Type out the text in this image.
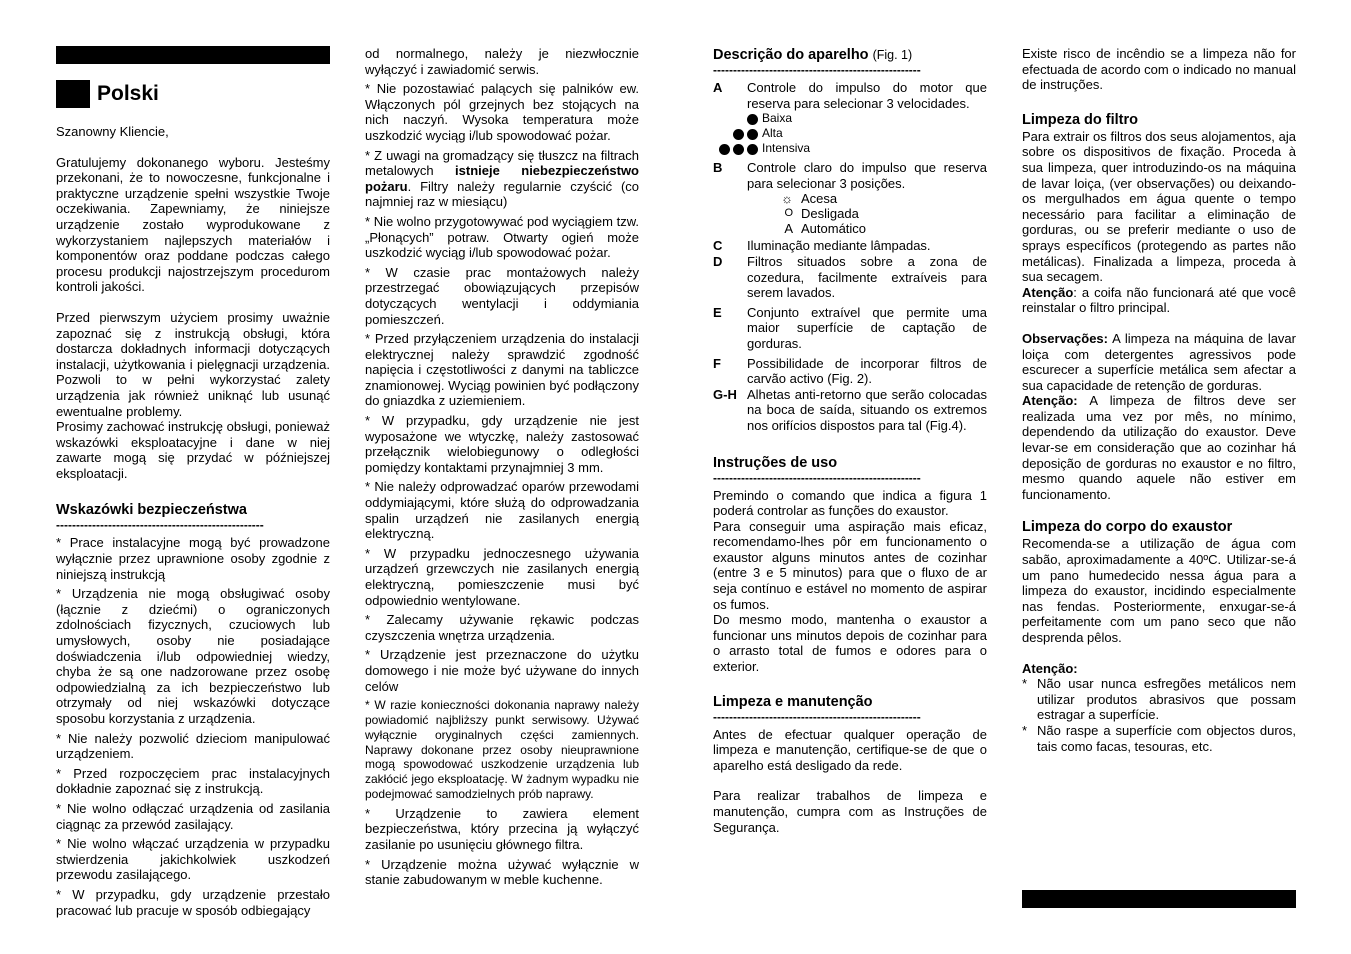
Polski

Szanowny Kliencie,

Gratulujemy dokonanego wyboru. Jesteśmy przekonani, że to nowoczesne, funkcjonalne i praktyczne urządzenie spełni wszystkie Twoje oczekiwania. Zapewniamy, że niniejsze urządzenie zostało wyprodukowane z wykorzystaniem najlepszych materiałów i komponentów oraz poddane podczas całego procesu produkcji najostrzejszym procedurom kontroli jakości.

Przed pierwszym użyciem prosimy uważnie zapoznać się z instrukcją obsługi, która dostarcza dokładnych informacji dotyczących instalacji, użytkowania i pielęgnacji urządzenia. Pozwoli to w pełni wykorzystać zalety urządzenia jak również uniknąć lub usunąć ewentualne problemy.

Prosimy zachować instrukcję obsługi, ponieważ wskazówki eksploatacyjne i dane w niej zawarte mogą się przydać w późniejszej eksploatacji.

Wskazówki bezpieczeństwa
----------------------------------------------------

* Prace instalacyjne mogą być prowadzone wyłącznie przez uprawnione osoby zgodnie z niniejszą instrukcją

* Urządzenia nie mogą obsługiwać osoby (łącznie z dziećmi) o ograniczonych zdolnościach fizycznych, czuciowych lub umysłowych, osoby nie posiadające doświadczenia i/lub odpowiedniej wiedzy, chyba że są one nadzorowane przez osobę odpowiedzialną za ich bezpieczeństwo lub otrzymały od niej wskazówki dotyczące sposobu korzystania z urządzenia.

* Nie należy pozwolić dzieciom manipulować urządzeniem.

* Przed rozpoczęciem prac instalacyjnych dokładnie zapoznać się z instrukcją.

* Nie wolno odłączać urządzenia od zasilania ciągnąc za przewód zasilający.

* Nie wolno włączać urządzenia w przypadku stwierdzenia jakichkolwiek uszkodzeń przewodu zasilającego.

* W przypadku, gdy urządzenie przestało pracować lub pracuje w sposób odbiegający

od normalnego, należy je niezwłocznie wyłączyć i zawiadomić serwis.

* Nie pozostawiać palących się palników ew. Włączonych pól grzejnych bez stojących na nich naczyń. Wysoka temperatura może uszkodzić wyciąg i/lub spowodować pożar.

* Z uwagi na gromadzący się tłuszcz na filtrach metalowych istnieje niebezpieczeństwo pożaru. Filtry należy regularnie czyścić (co najmniej raz w miesiącu)

* Nie wolno przygotowywać pod wyciągiem tzw. „Płonących” potraw. Otwarty ogień może uszkodzić wyciąg i/lub spowodować pożar.

* W czasie prac montażowych należy przestrzegać obowiązujących przepisów dotyczących wentylacji i oddymiania pomieszczeń.

* Przed przyłączeniem urządzenia do instalacji elektrycznej należy sprawdzić zgodność napięcia i częstotliwości z danymi na tabliczce znamionowej. Wyciąg powinien być podłączony do gniazdka z uziemieniem.

* W przypadku, gdy urządzenie nie jest wyposażone we wtyczkę, należy zastosować przełącznik wielobiegunowy o odległości pomiędzy kontaktami przynajmniej 3 mm.

* Nie należy odprowadzać oparów przewodami oddymiającymi, które służą do odprowadzania spalin urządzeń nie zasilanych energią elektryczną.

* W przypadku jednoczesnego używania urządzeń grzewczych nie zasilanych energią elektryczną, pomieszczenie musi być odpowiednio wentylowane.

* Zalecamy używanie rękawic podczas czyszczenia wnętrza urządzenia.

* Urządzenie jest przeznaczone do użytku domowego i nie może być używane do innych celów

* W razie konieczności dokonania naprawy należy powiadomić najbliższy punkt serwisowy. Używać wyłącznie oryginalnych części zamiennych. Naprawy dokonane przez osoby nieuprawnione mogą spowodować uszkodzenie urządzenia lub zakłócić jego eksploatację. W żadnym wypadku nie podejmować samodzielnych prób naprawy.

* Urządzenie to zawiera element bezpieczeństwa, który przecina ją wyłączyć zasilanie po usunięciu głównego filtra.

* Urządzenie można używać wyłącznie w stanie zabudowanym w meble kuchenne.

Descrição do aparelho (Fig. 1)
----------------------------------------------------
A	Controle do impulso do motor que reserva para selecionar 3 velocidades.
Baixa
Alta
Intensiva
B	Controle claro do impulso que reserva para selecionar 3 posições.
☼ Acesa
O Desligada
A Automático
C	Iluminação mediante lâmpadas.
D	Filtros situados sobre a zona de cozedura, facilmente extraíveis para serem lavados.
E	Conjunto extraível que permite uma maior superfície de captação de gorduras.
F	Possibilidade de incorporar filtros de carvão activo (Fig. 2).
G-H Alhetas anti-retorno que serão colocadas na boca de saída, situando os extremos nos orifícios dispostos para tal (Fig.4).
Instruções de uso
----------------------------------------------------

Premindo o comando que indica a figura 1 poderá controlar as funções do exaustor.

Para conseguir uma aspiração mais eficaz, recomendamo-lhes pôr em funcionamento o exaustor alguns minutos antes de cozinhar (entre 3 e 5 minutos) para que o fluxo de ar seja contínuo e estável no momento de aspirar os fumos.

Do mesmo modo, mantenha o exaustor a funcionar uns minutos depois de cozinhar para o arrasto total de fumos e odores para o exterior.

Limpeza e manutenção
----------------------------------------------------

Antes de efectuar qualquer operação de limpeza e manutenção, certifique-se de que o aparelho está desligado da rede.

Para realizar trabalhos de limpeza e manutenção, cumpra com as Instruções de Segurança.

Existe risco de incêndio se a limpeza não for efectuada de acordo com o indicado no manual de instruções.

Limpeza do filtro

Para extrair os filtros dos seus alojamentos, aja sobre os dispositivos de fixação. Proceda à sua limpeza, quer introduzindo-os na máquina de lavar loiça, (ver observações) ou deixando-os mergulhados em água quente o tempo necessário para facilitar a eliminação de gorduras, ou se preferir mediante o uso de sprays específicos (protegendo as partes não metálicas). Finalizada a limpeza, proceda à sua secagem.

Atenção: a coifa não funcionará até que você reinstalar o filtro principal.

Observações: A limpeza na máquina de lavar loiça com detergentes agressivos pode escurecer a superfície metálica sem afectar a sua capacidade de retenção de gorduras.

Atenção: A limpeza de filtros deve ser realizada uma vez por mês, no mínimo, dependendo da utilização do exaustor. Deve levar-se em consideração que ao cozinhar há deposição de gorduras no exaustor e no filtro, mesmo quando aquele não estiver em funcionamento.

Limpeza do corpo do exaustor

Recomenda-se a utilização de água com sabão, aproximadamente a 40ºC. Utilizar-se-á um pano humedecido nessa água para a limpeza do exaustor, incidindo especialmente nas fendas. Posteriormente, enxugar-se-á perfeitamente com um pano seco que não desprenda pêlos.

Atenção:

* Não usar nunca esfregões metálicos nem utilizar produtos abrasivos que possam estragar a superfície.
* Não raspe a superfície com objectos duros, tais como facas, tesouras, etc.
